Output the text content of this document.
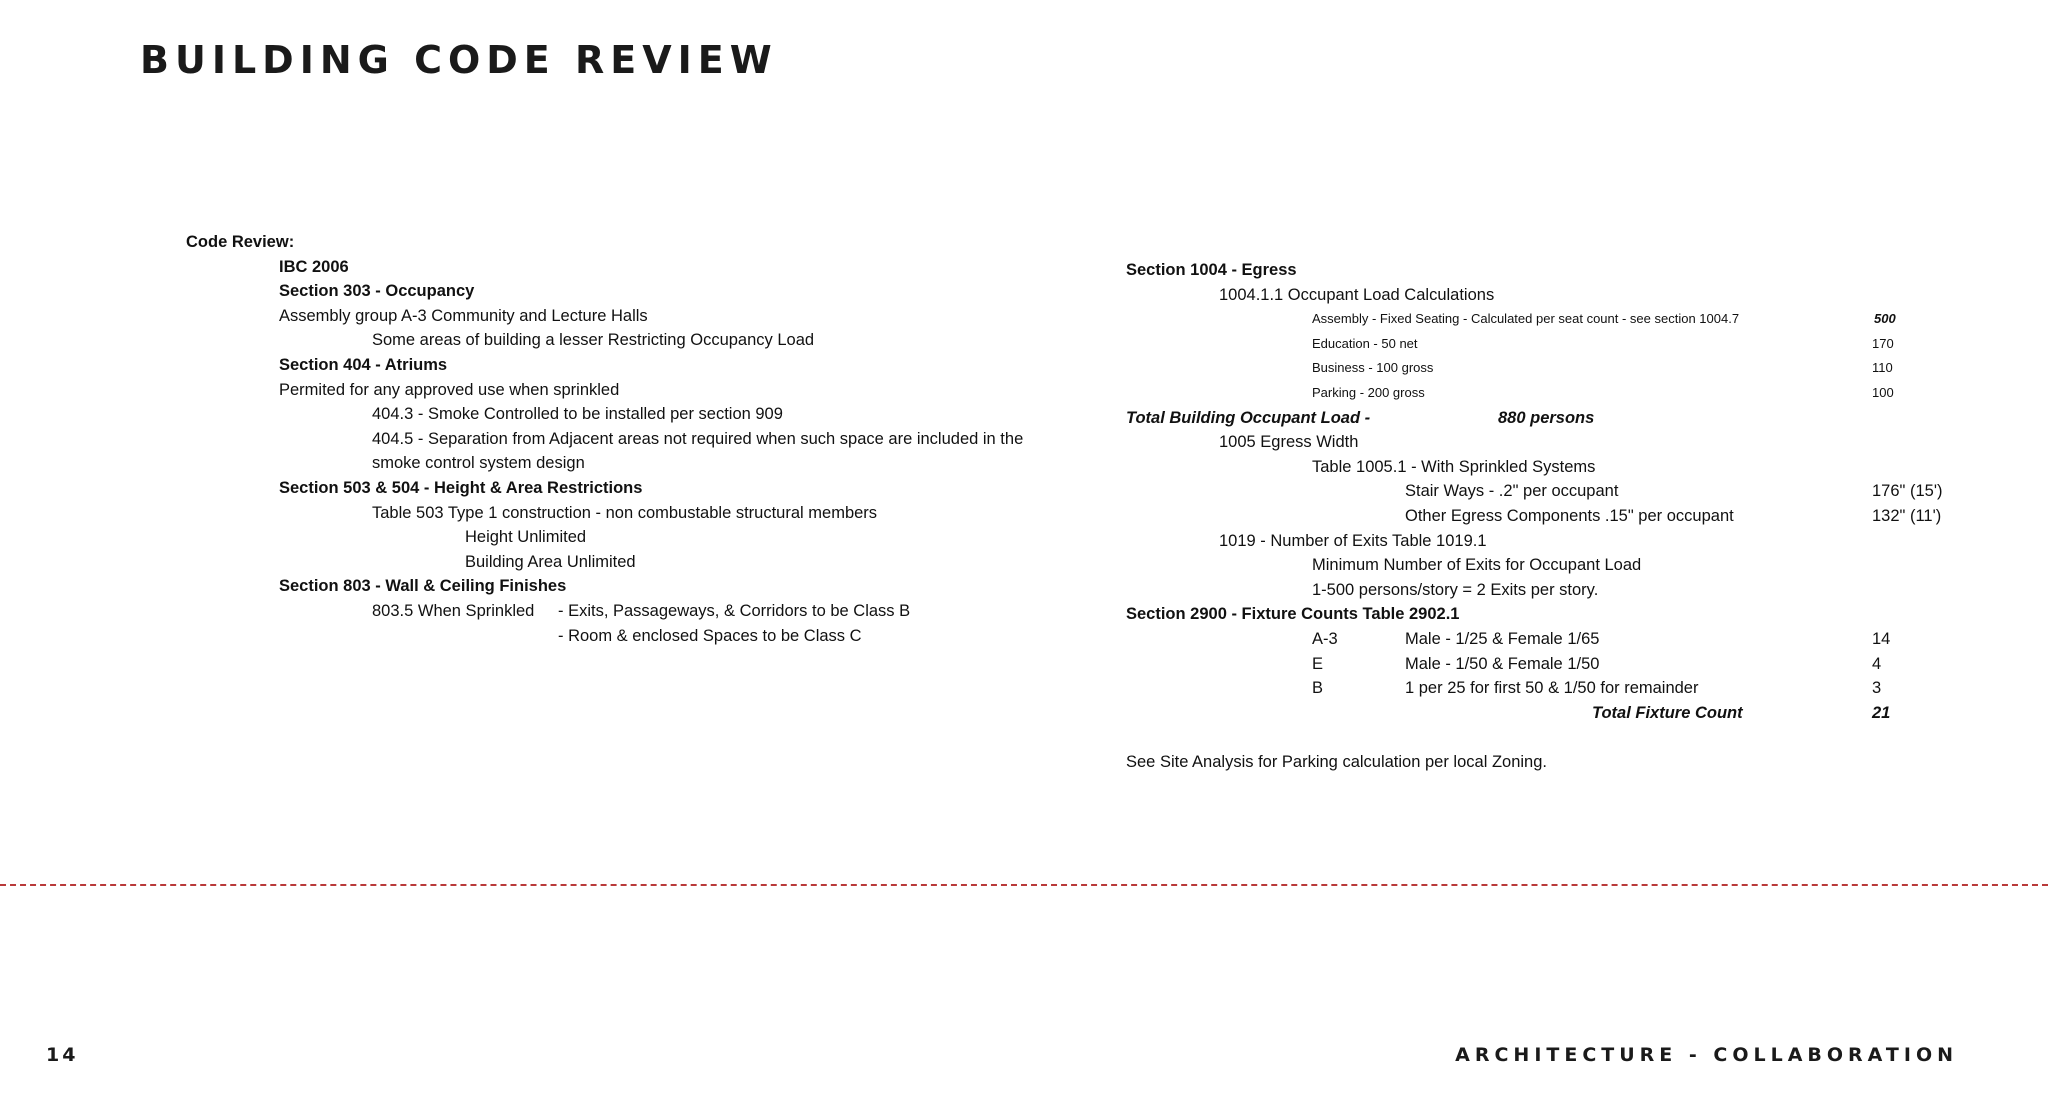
BUILDING CODE REVIEW
Code Review:
IBC 2006
Section 303 - Occupancy
Assembly group A-3 Community and Lecture Halls
Some areas of building a lesser Restricting Occupancy Load
Section 404 - Atriums
Permited for any approved use when sprinkled
404.3 - Smoke Controlled to be installed per section 909
404.5 - Separation from Adjacent areas not required when such space are included in the
smoke control system design
Section 503 & 504 - Height & Area Restrictions
Table 503 Type 1 construction - non combustable structural members
Height Unlimited
Building Area Unlimited
Section 803 - Wall & Ceiling Finishes
803.5 When Sprinkled - Exits, Passageways, & Corridors to be Class B
- Room & enclosed Spaces to be Class C
Section 1004 - Egress
1004.1.1 Occupant Load Calculations
Assembly - Fixed Seating - Calculated per seat count - see section 1004.7	500
Education - 50 net	170
Business - 100 gross	110
Parking - 200 gross	100
Total Building Occupant Load -	880 persons
1005 Egress Width
Table 1005.1 - With Sprinkled Systems
Stair Ways - .2" per occupant	176" (15')
Other Egress Components .15" per occupant	132" (11')
1019 - Number of Exits Table 1019.1
Minimum Number of Exits for Occupant Load
1-500 persons/story = 2 Exits per story.
Section 2900 - Fixture Counts Table 2902.1
A-3	Male - 1/25 & Female 1/65	14
E	Male - 1/50 & Female 1/50	4
B	1 per 25 for first 50 & 1/50 for remainder	3
Total Fixture Count	21
See Site Analysis for Parking calculation per local Zoning.
14	ARCHITECTURE - COLLABORATION
